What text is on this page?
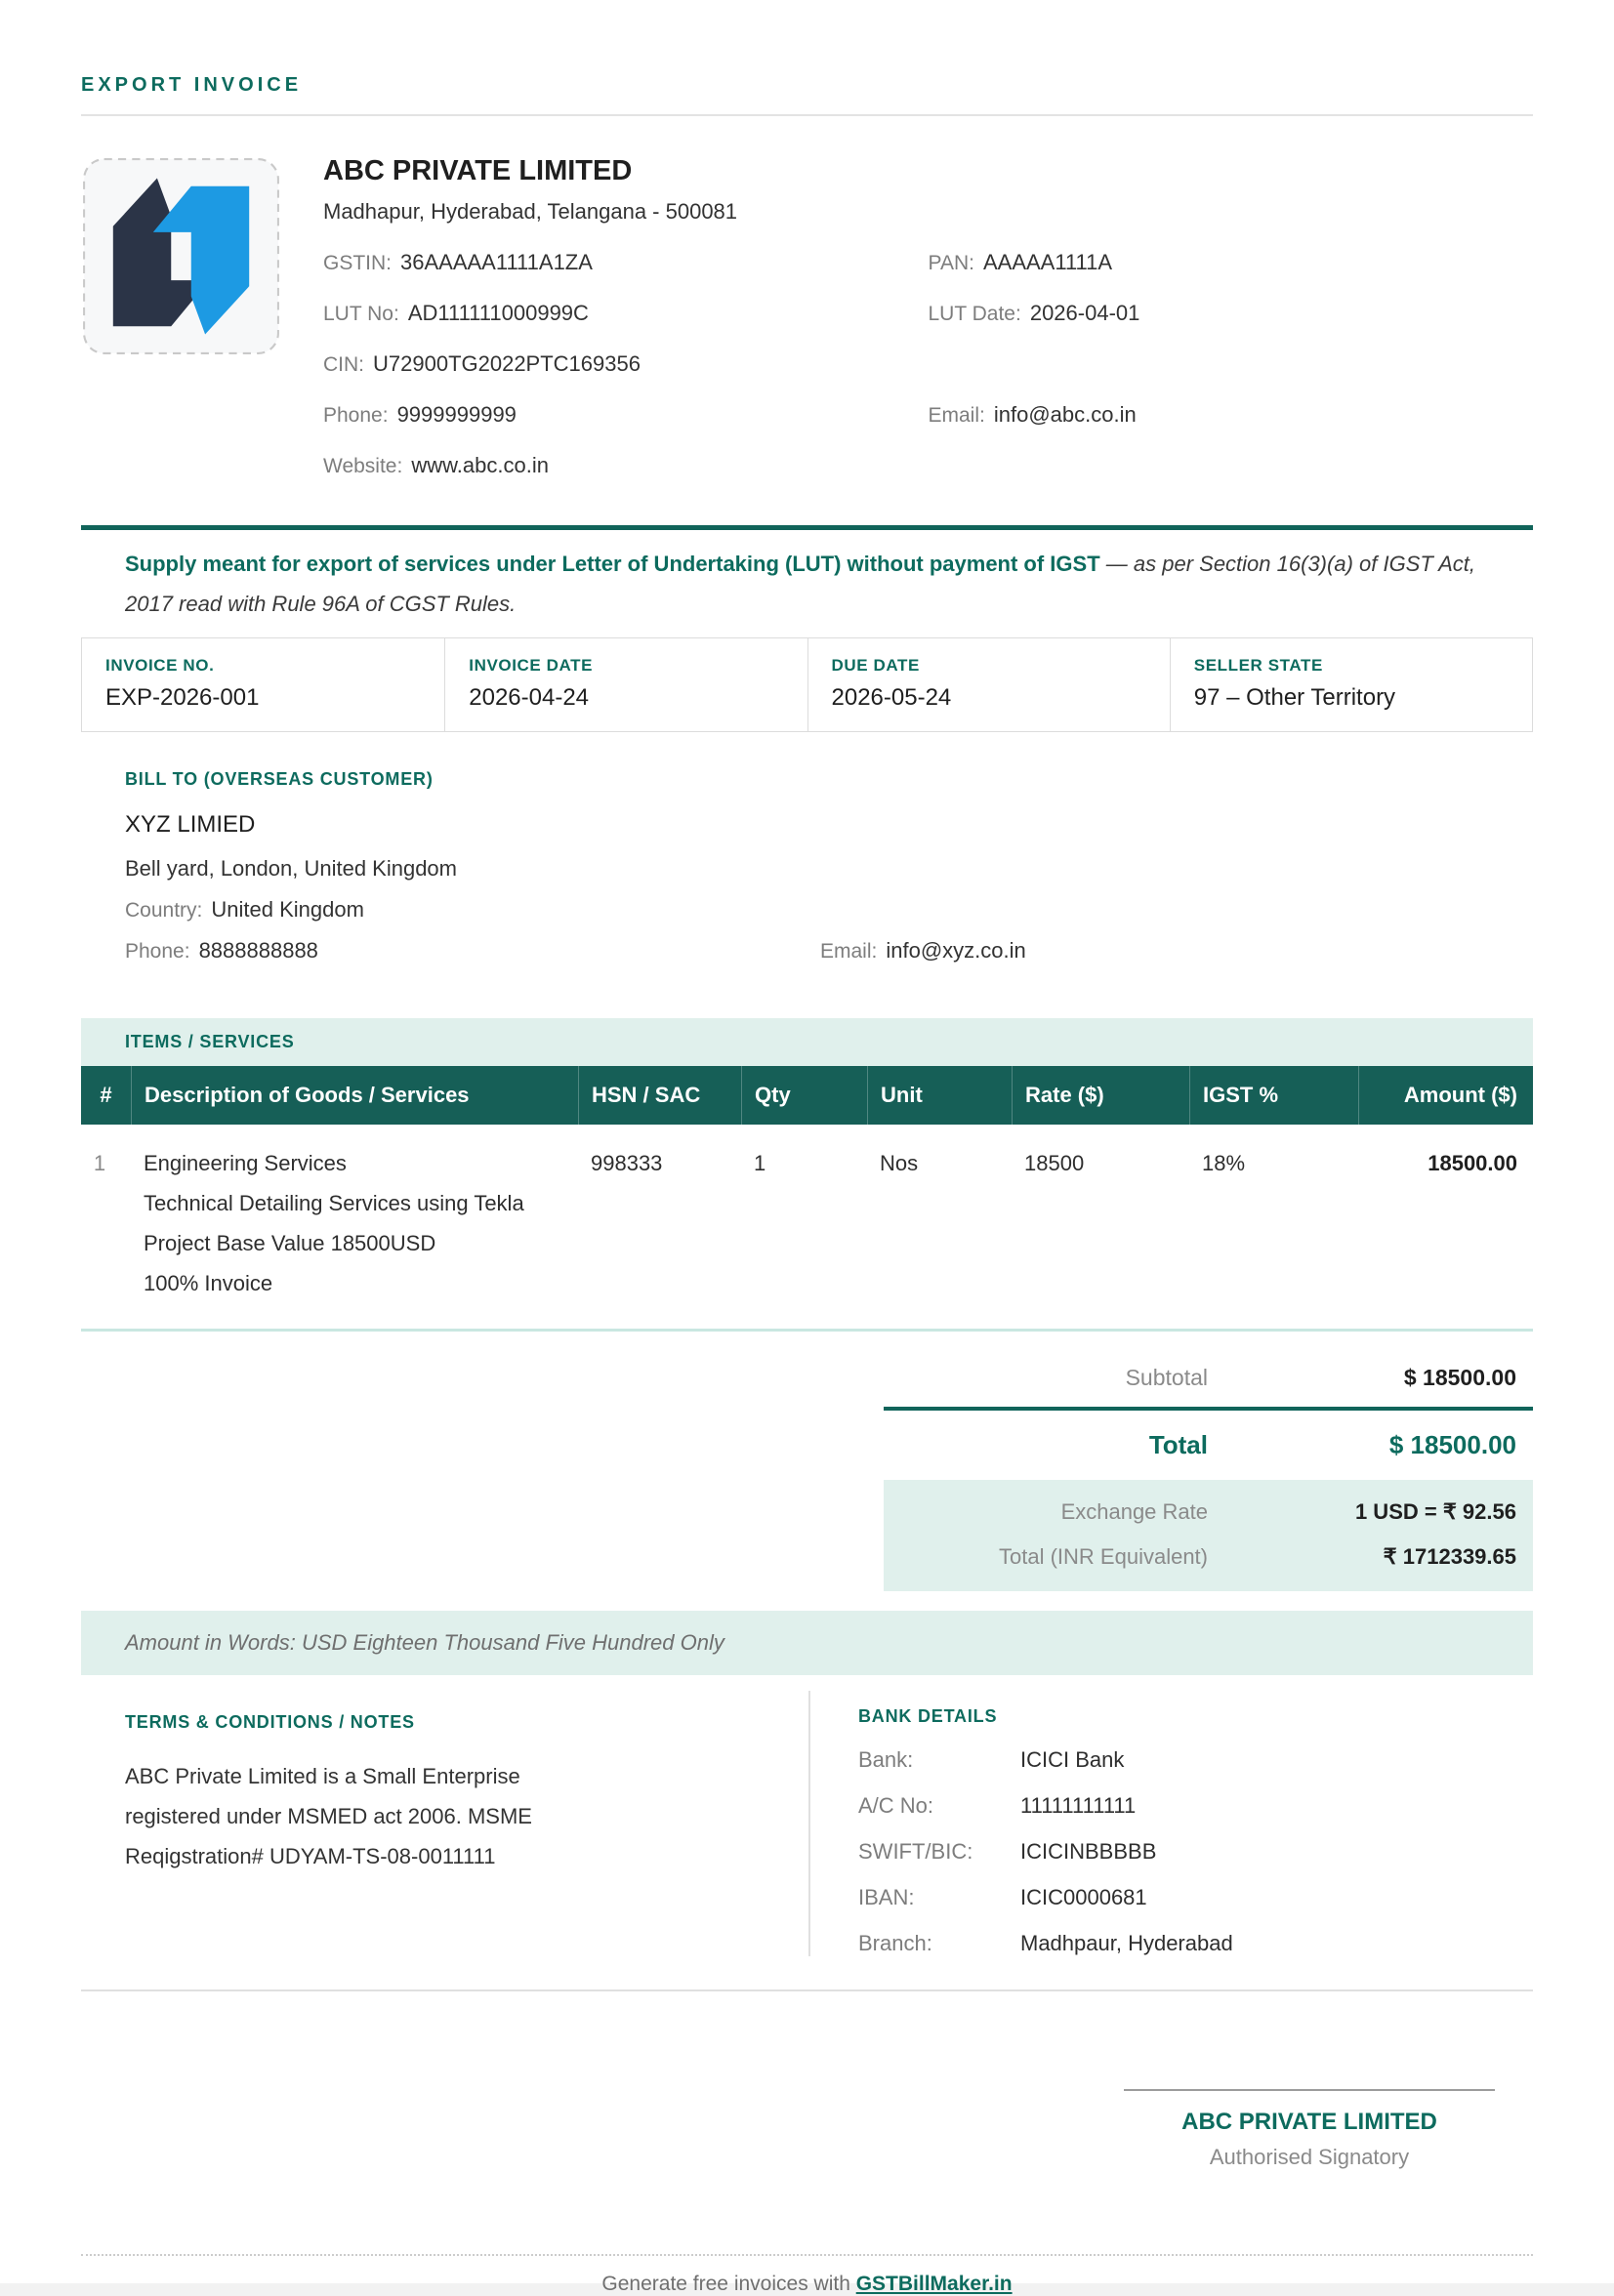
EXPORT INVOICE
ABC PRIVATE LIMITED
Madhapur, Hyderabad, Telangana - 500081
GSTIN: 36AAAAA1111A1ZA	PAN: AAAAA1111A
LUT No: AD111111000999C	LUT Date: 2026-04-01
CIN: U72900TG2022PTC169356
Phone: 9999999999	Email: info@abc.co.in
Website: www.abc.co.in
Supply meant for export of services under Letter of Undertaking (LUT) without payment of IGST — as per Section 16(3)(a) of IGST Act, 2017 read with Rule 96A of CGST Rules.
INVOICE NO.
EXP-2026-001
INVOICE DATE
2026-04-24
DUE DATE
2026-05-24
SELLER STATE
97 – Other Territory
BILL TO (OVERSEAS CUSTOMER)
XYZ LIMIED
Bell yard, London, United Kingdom
Country: United Kingdom
Phone: 8888888888	Email: info@xyz.co.in
ITEMS / SERVICES
#	Description of Goods / Services	HSN / SAC	Qty	Unit	Rate ($)	IGST %	Amount ($)
1	Engineering Services
Technical Detailing Services using Tekla
Project Base Value 18500USD
100% Invoice
998333	1	Nos	18500	18%	18500.00
Subtotal	$ 18500.00
Total	$ 18500.00
Exchange Rate	1 USD = ₹ 92.56
Total (INR Equivalent)	₹ 1712339.65
Amount in Words: USD Eighteen Thousand Five Hundred Only
TERMS & CONDITIONS / NOTES
ABC Private Limited is a Small Enterprise registered under MSMED act 2006. MSME Reqigstration# UDYAM-TS-08-0011111
BANK DETAILS
Bank:	ICICI Bank
A/C No:	11111111111
SWIFT/BIC:	ICICINBBBBB
IBAN:	ICIC0000681
Branch:	Madhpaur, Hyderabad
ABC PRIVATE LIMITED
Authorised Signatory
Generate free invoices with GSTBillMaker.in
